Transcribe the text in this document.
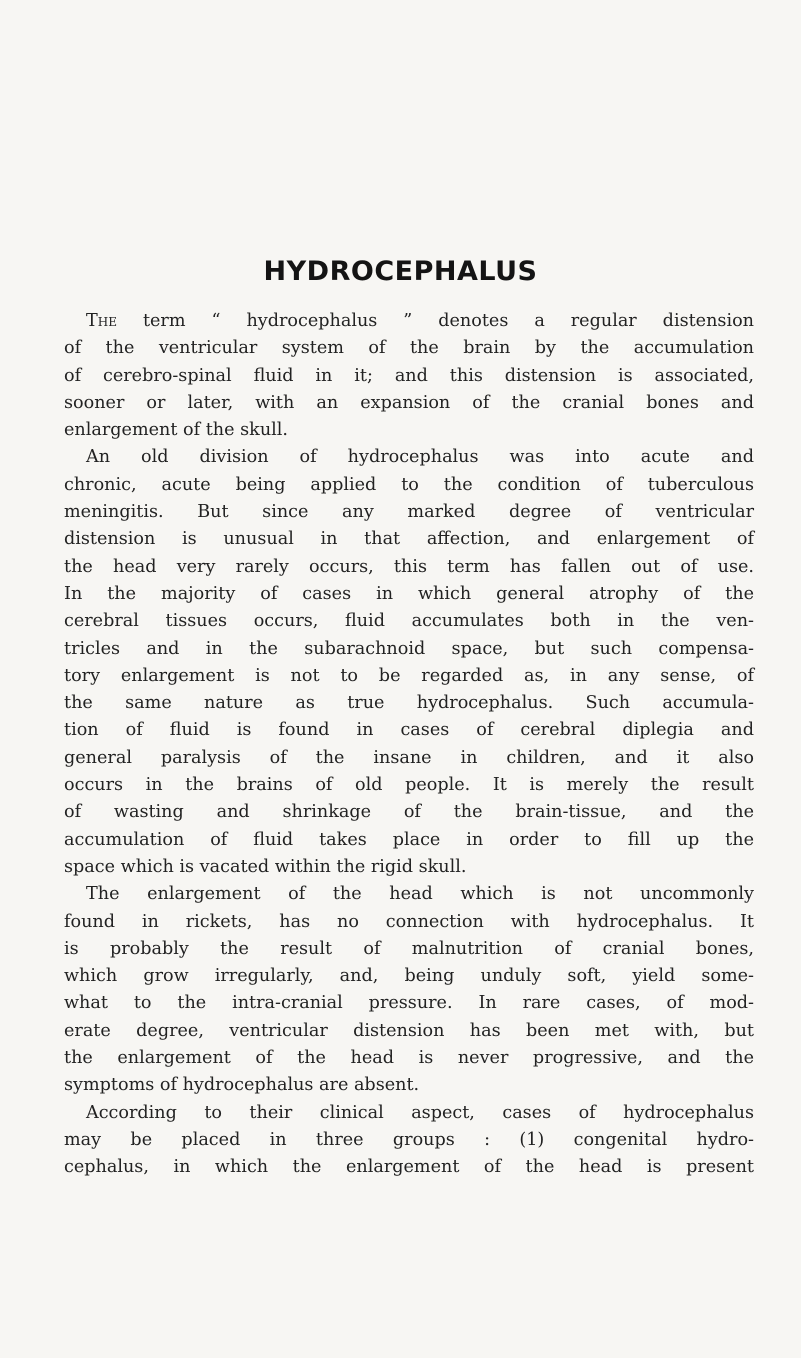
HYDROCEPHALUS
The term “ hydrocephalus ” denotes a regular distension
of the ventricular system of the brain by the accumulation
of cerebro-spinal fluid in it; and this distension is associated,
sooner or later, with an expansion of the cranial bones and
enlargement of the skull.
An old division of hydrocephalus was into acute and
chronic, acute being applied to the condition of tuberculous
meningitis. But since any marked degree of ventricular
distension is unusual in that affection, and enlargement of
the head very rarely occurs, this term has fallen out of use.
In the majority of cases in which general atrophy of the
cerebral tissues occurs, fluid accumulates both in the ven-
tricles and in the subarachnoid space, but such compensa-
tory enlargement is not to be regarded as, in any sense, of
the same nature as true hydrocephalus. Such accumula-
tion of fluid is found in cases of cerebral diplegia and
general paralysis of the insane in children, and it also
occurs in the brains of old people. It is merely the result
of wasting and shrinkage of the brain-tissue, and the
accumulation of fluid takes place in order to fill up the
space which is vacated within the rigid skull.
The enlargement of the head which is not uncommonly
found in rickets, has no connection with hydrocephalus. It
is probably the result of malnutrition of cranial bones,
which grow irregularly, and, being unduly soft, yield some-
what to the intra-cranial pressure. In rare cases, of mod-
erate degree, ventricular distension has been met with, but
the enlargement of the head is never progressive, and the
symptoms of hydrocephalus are absent.
According to their clinical aspect, cases of hydrocephalus
may be placed in three groups : (1) congenital hydro-
cephalus, in which the enlargement of the head is present
